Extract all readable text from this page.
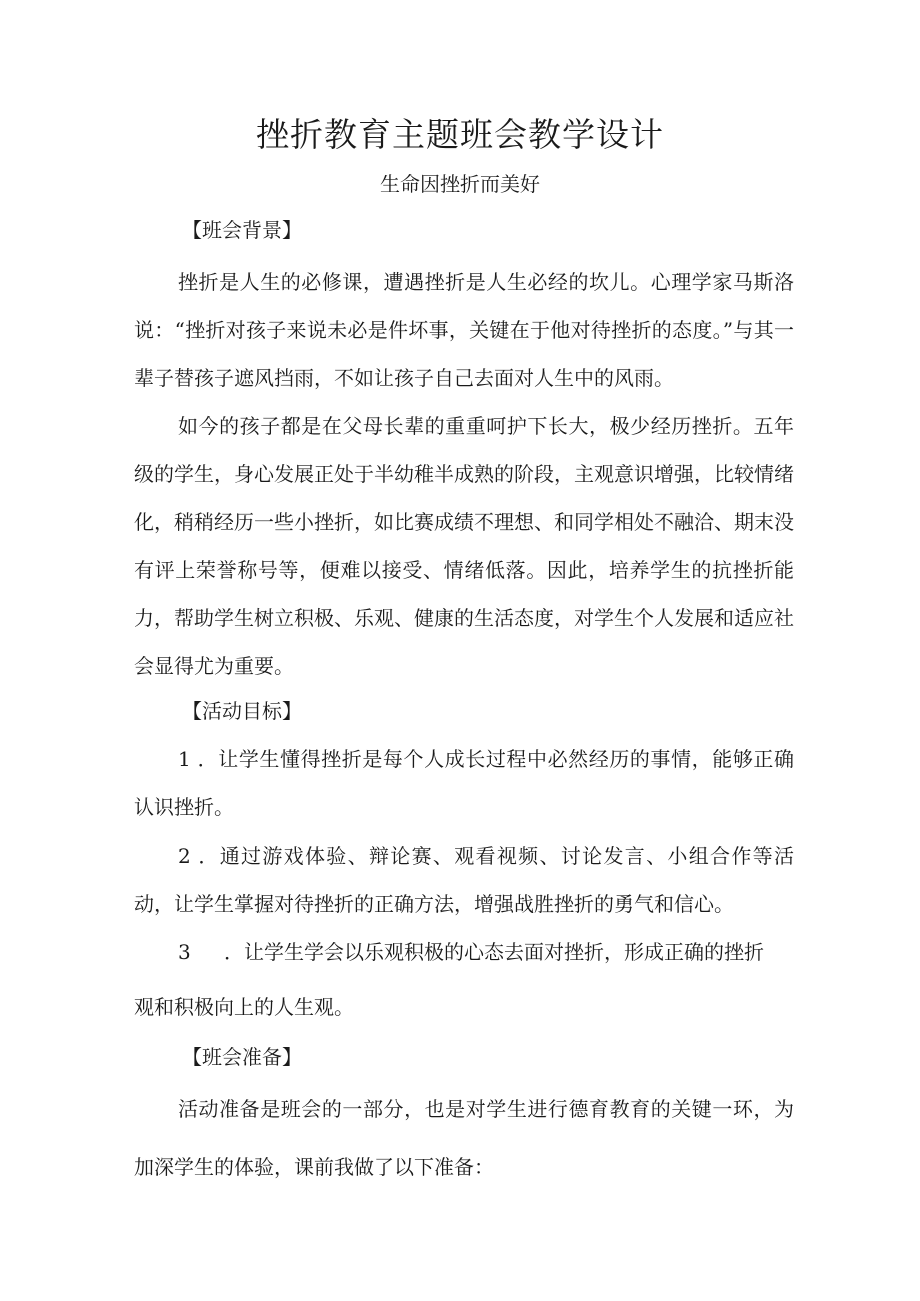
挫折教育主题班会教学设计

生命因挫折而美好

【班会背景】

挫折是人生的必修课，遭遇挫折是人生必经的坎儿。心理学家马斯洛说：“挫折对孩子来说未必是件坏事，关键在于他对待挫折的态度。”与其一辈子替孩子遮风挡雨，不如让孩子自己去面对人生中的风雨。

如今的孩子都是在父母长辈的重重呵护下长大，极少经历挫折。五年级的学生，身心发展正处于半幼稚半成熟的阶段，主观意识增强，比较情绪化，稍稍经历一些小挫折，如比赛成绩不理想、和同学相处不融洽、期末没有评上荣誉称号等，便难以接受、情绪低落。因此，培养学生的抗挫折能力，帮助学生树立积极、乐观、健康的生活态度，对学生个人发展和适应社会显得尤为重要。

【活动目标】

1 ．让学生懂得挫折是每个人成长过程中必然经历的事情，能够正确认识挫折。

2 ．通过游戏体验、辩论赛、观看视频、讨论发言、小组合作等活动，让学生掌握对待挫折的正确方法，增强战胜挫折的勇气和信心。

3 ．让学生学会以乐观积极的心态去面对挫折，形成正确的挫折

观和积极向上的人生观。

【班会准备】

活动准备是班会的一部分，也是对学生进行德育教育的关键一环，为加深学生的体验，课前我做了以下准备：
